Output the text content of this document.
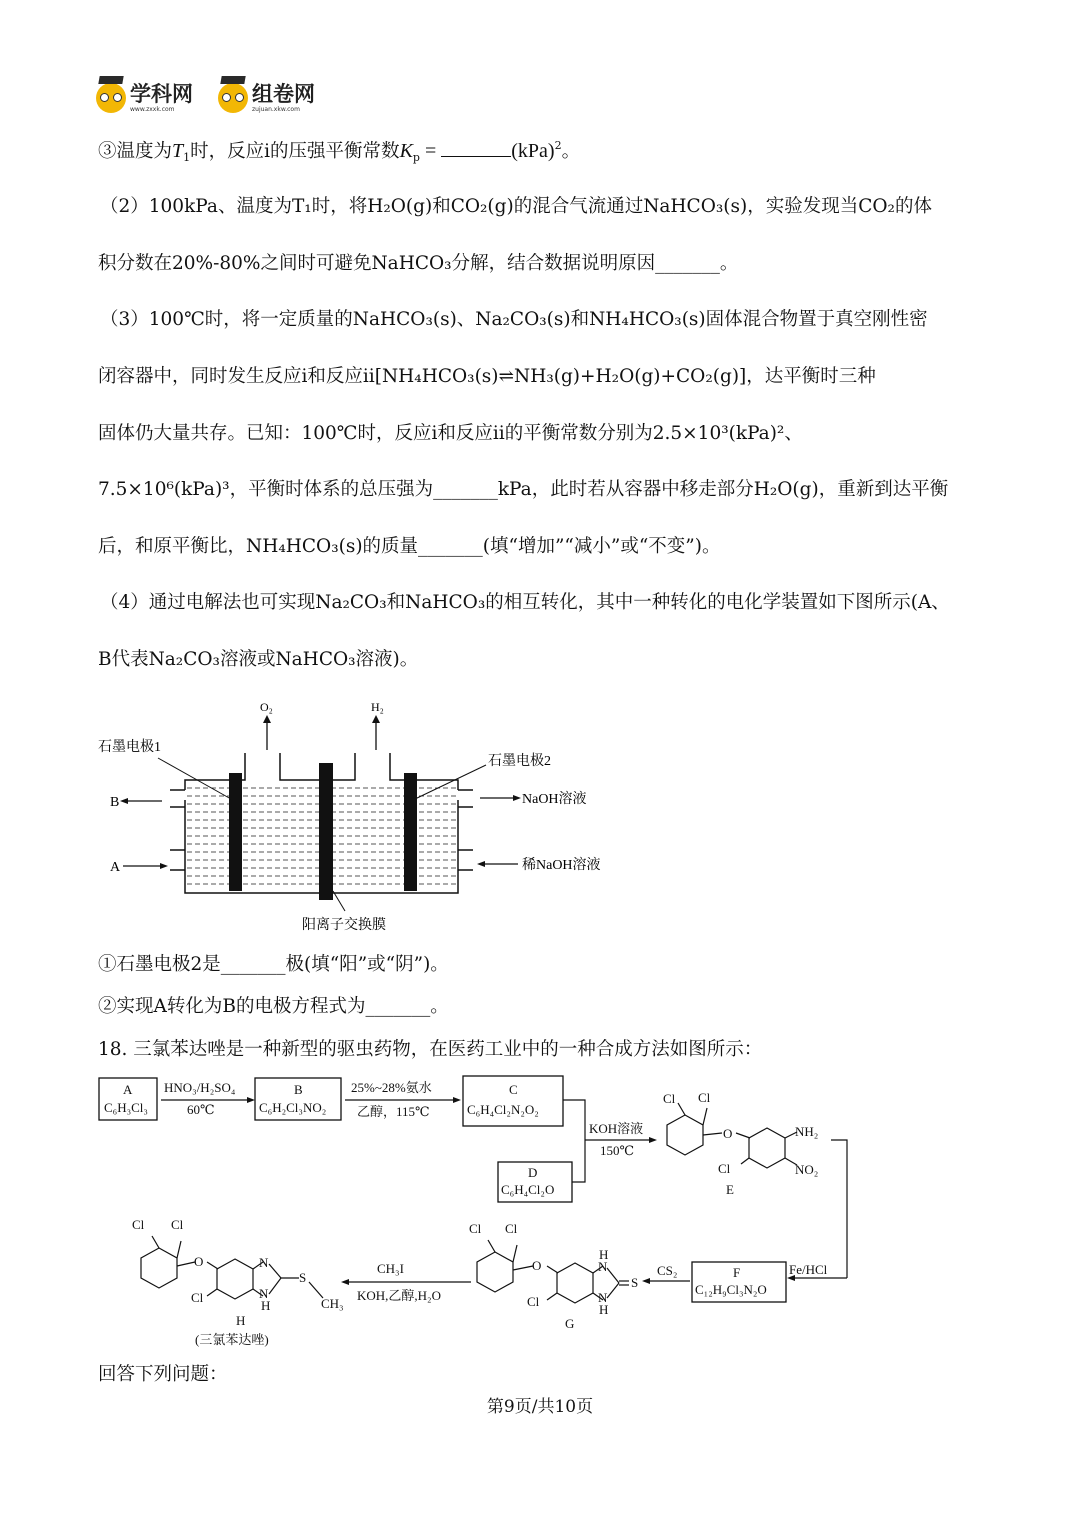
学科网
www.zxxk.com
组卷网
zujuan.xkw.com
③温度为$T_1$时，反应ⅰ的压强平衡常数$K_p$ =	(kPa)$^2$。
（2）100kPa、温度为T₁时，将H₂O(g)和CO₂(g)的混合气流通过NaHCO₃(s)，实验发现当CO₂的体
积分数在20%-80%之间时可避免NaHCO₃分解，结合数据说明原因_______。
（3）100℃时，将一定质量的NaHCO₃(s)、Na₂CO₃(s)和NH₄HCO₃(s)固体混合物置于真空刚性密
闭容器中，同时发生反应ⅰ和反应ⅱ[NH₄HCO₃(s)⇌NH₃(g)+H₂O(g)+CO₂(g)]，达平衡时三种
固体仍大量共存。已知：100℃时，反应ⅰ和反应ⅱ的平衡常数分别为2.5×10³(kPa)²、
7.5×10⁶(kPa)³，平衡时体系的总压强为_______kPa，此时若从容器中移走部分H₂O(g)，重新到达平衡
后，和原平衡比，NH₄HCO₃(s)的质量_______(填“增加”“减小”或“不变”)。
（4）通过电解法也可实现Na₂CO₃和NaHCO₃的相互转化，其中一种转化的电化学装置如下图所示(A、
B代表Na₂CO₃溶液或NaHCO₃溶液)。
O₂	H₂
石墨电极1
石墨电极2
B
A
NaOH溶液
稀NaOH溶液
阳离子交换膜
①石墨电极2是_______极(填“阳”或“阴”)。
②实现A转化为B的电极方程式为_______。
18. 三氯苯达唑是一种新型的驱虫药物，在医药工业中的一种合成方法如图所示：
A
C₆H₃Cl₃
HNO₃/H₂SO₄
60℃
B
C₆H₂Cl₃NO₂
25%~28%氨水
乙醇，115℃
C
C₆H₄Cl₂N₂O₂
D
C₆H₄Cl₂O
KOH溶液
150℃
Cl Cl
O	NH₂
NO₂
Cl
E
Fe/HCl
F
C₁₂H₉Cl₃N₂O
CS₂
Cl Cl
O
H
N
N
H
S
Cl
G
CH₃I
KOH,乙醇,H₂O
Cl Cl
O	N
N
H
S
CH₃
Cl
H
(三氯苯达唑)
回答下列问题：
第9页/共10页
